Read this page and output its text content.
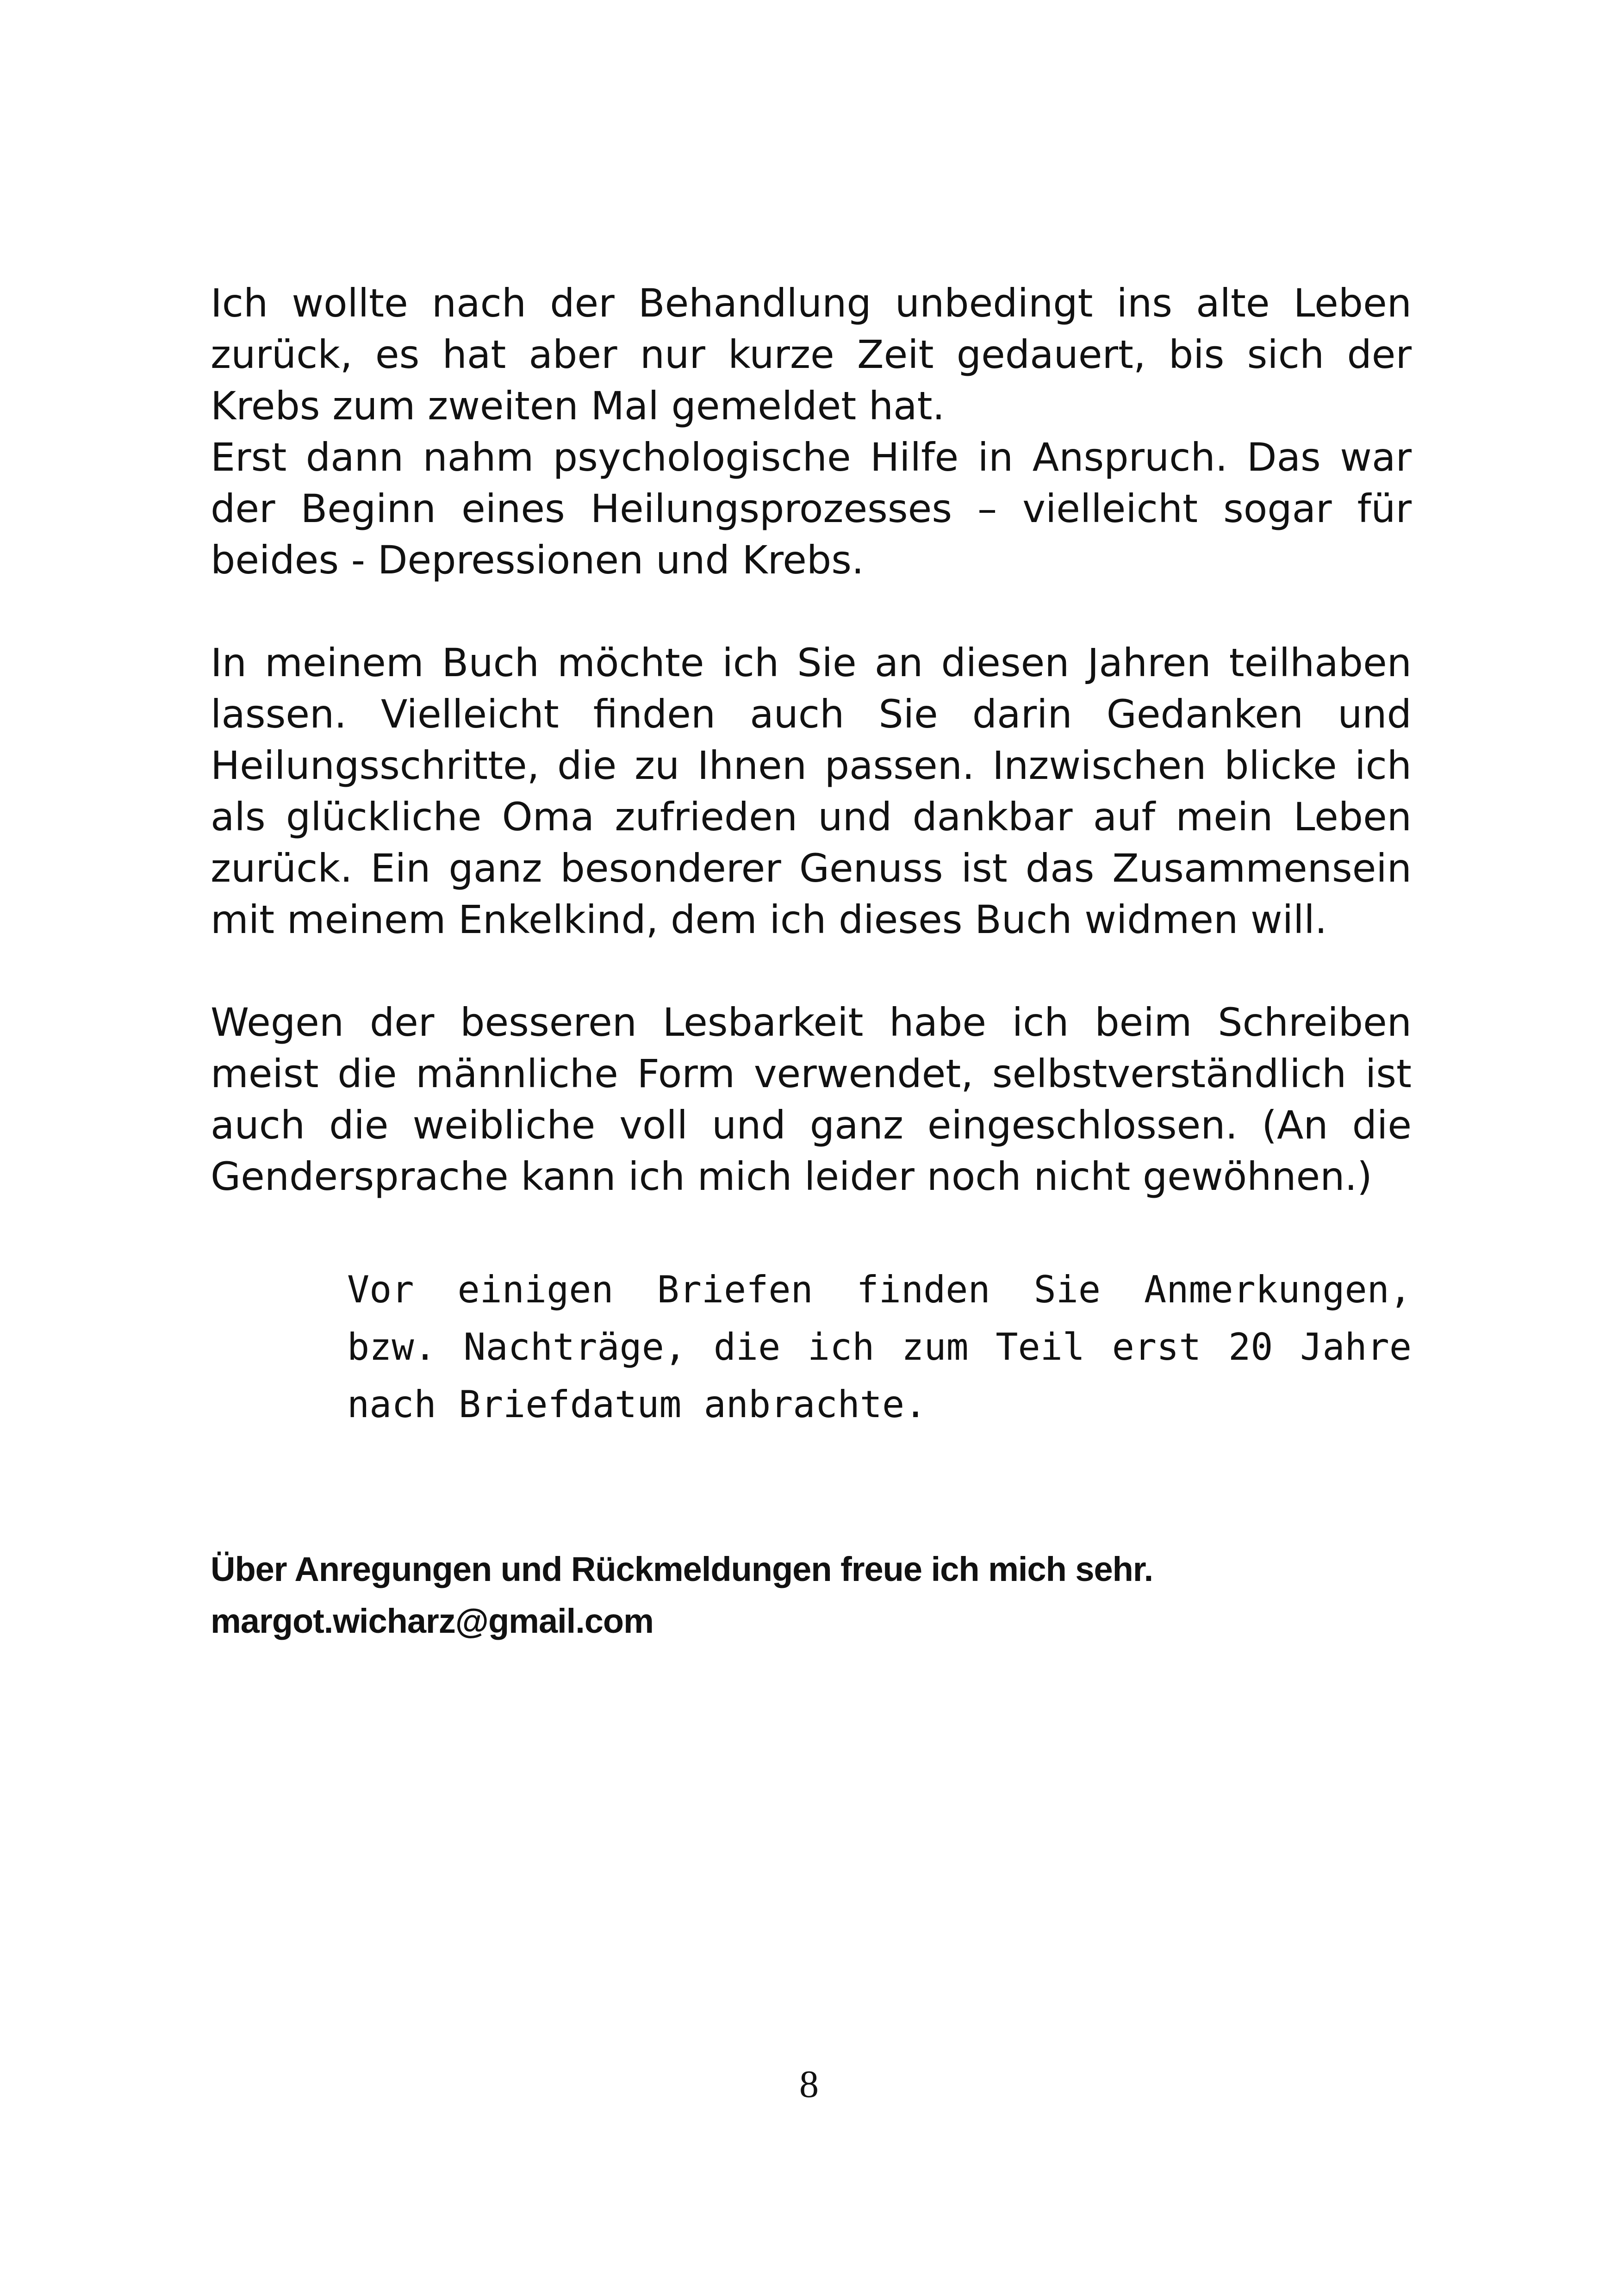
Ich wollte nach der Behandlung unbedingt ins alte Leben zurück, es hat aber nur kurze Zeit gedauert, bis sich der Krebs zum zweiten Mal gemeldet hat.

Erst dann nahm psychologische Hilfe in Anspruch. Das war der Beginn eines Heilungsprozesses – vielleicht sogar für beides - Depressionen und Krebs.

In meinem Buch möchte ich Sie an diesen Jahren teilhaben lassen. Vielleicht finden auch Sie darin Gedanken und Heilungsschritte, die zu Ihnen passen. Inzwischen blicke ich als glückliche Oma zufrieden und dankbar auf mein Leben zurück. Ein ganz besonderer Genuss ist das Zusammensein mit meinem Enkelkind, dem ich dieses Buch widmen will.

Wegen der besseren Lesbarkeit habe ich beim Schreiben meist die männliche Form verwendet, selbstverständlich ist auch die weibliche voll und ganz eingeschlossen. (An die Gendersprache kann ich mich leider noch nicht gewöhnen.)

Vor einigen Briefen finden Sie Anmerkungen, bzw. Nachträge, die ich zum Teil erst 20 Jahre nach Briefdatum anbrachte.
Über Anregungen und Rückmeldungen freue ich mich sehr.
margot.wicharz@gmail.com
8
